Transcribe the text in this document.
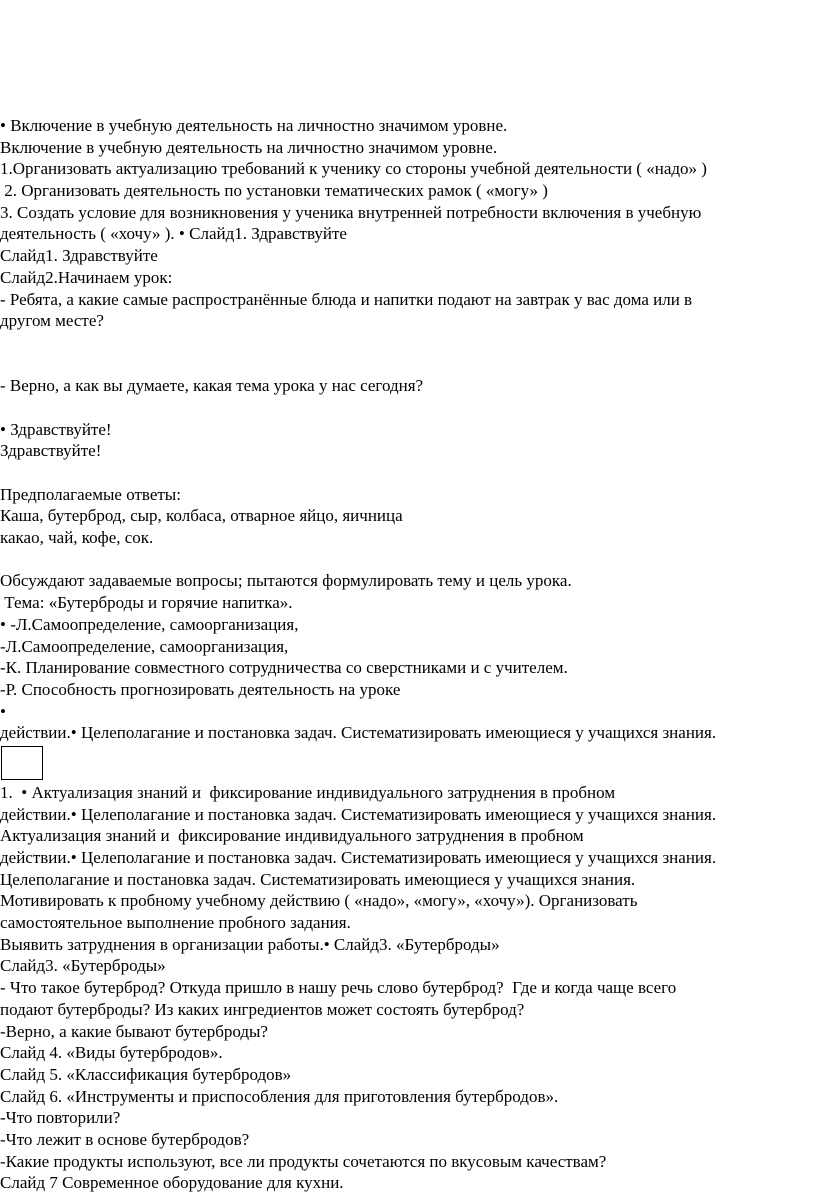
• Включение в учебную деятельность на личностно значимом уровне.
Включение в учебную деятельность на личностно значимом уровне.
1.Организовать актуализацию требований к ученику со стороны учебной деятельности ( «надо» )
2. Организовать деятельность по установки тематических рамок ( «могу» )
3. Создать условие для возникновения у ученика внутренней потребности включения в учебную
деятельность ( «хочу» ). • Слайд1. Здравствуйте
Слайд1. Здравствуйте
Слайд2.Начинаем урок:
- Ребята, а какие самые распространённые блюда и напитки подают на завтрак у вас дома или в
другом месте?
- Верно, а как вы думаете, какая тема урока у нас сегодня?
• Здравствуйте!
Здравствуйте!
Предполагаемые ответы:
Каша, бутерброд, сыр, колбаса, отварное яйцо, яичница
какао, чай, кофе, сок.
Обсуждают задаваемые вопросы; пытаются формулировать тему и цель урока.
Тема: «Бутерброды и горячие напитка».
• -Л.Самоопределение, самоорганизация,
-Л.Самоопределение, самоорганизация,
-К. Планирование совместного сотрудничества со сверстниками и с учителем.
-Р. Способность прогнозировать деятельность на уроке
•
действии.• Целеполагание и постановка задач. Систематизировать имеющиеся у учащихся знания.
1.  • Актуализация знаний и  фиксирование индивидуального затруднения в пробном
действии.• Целеполагание и постановка задач. Систематизировать имеющиеся у учащихся знания.
Актуализация знаний и  фиксирование индивидуального затруднения в пробном
действии.• Целеполагание и постановка задач. Систематизировать имеющиеся у учащихся знания.
Целеполагание и постановка задач. Систематизировать имеющиеся у учащихся знания.
Мотивировать к пробному учебному действию ( «надо», «могу», «хочу»). Организовать
самостоятельное выполнение пробного задания.
Выявить затруднения в организации работы.• Слайд3. «Бутерброды»
Слайд3. «Бутерброды»
- Что такое бутерброд? Откуда пришло в нашу речь слово бутерброд?  Где и когда чаще всего
подают бутерброды? Из каких ингредиентов может состоять бутерброд?
-Верно, а какие бывают бутерброды?
Слайд 4. «Виды бутербродов».
Слайд 5. «Классификация бутербродов»
Слайд 6. «Инструменты и приспособления для приготовления бутербродов».
-Что повторили?
-Что лежит в основе бутербродов?
-Какие продукты используют, все ли продукты сочетаются по вкусовым качествам?
Слайд 7 Современное оборудование для кухни.
